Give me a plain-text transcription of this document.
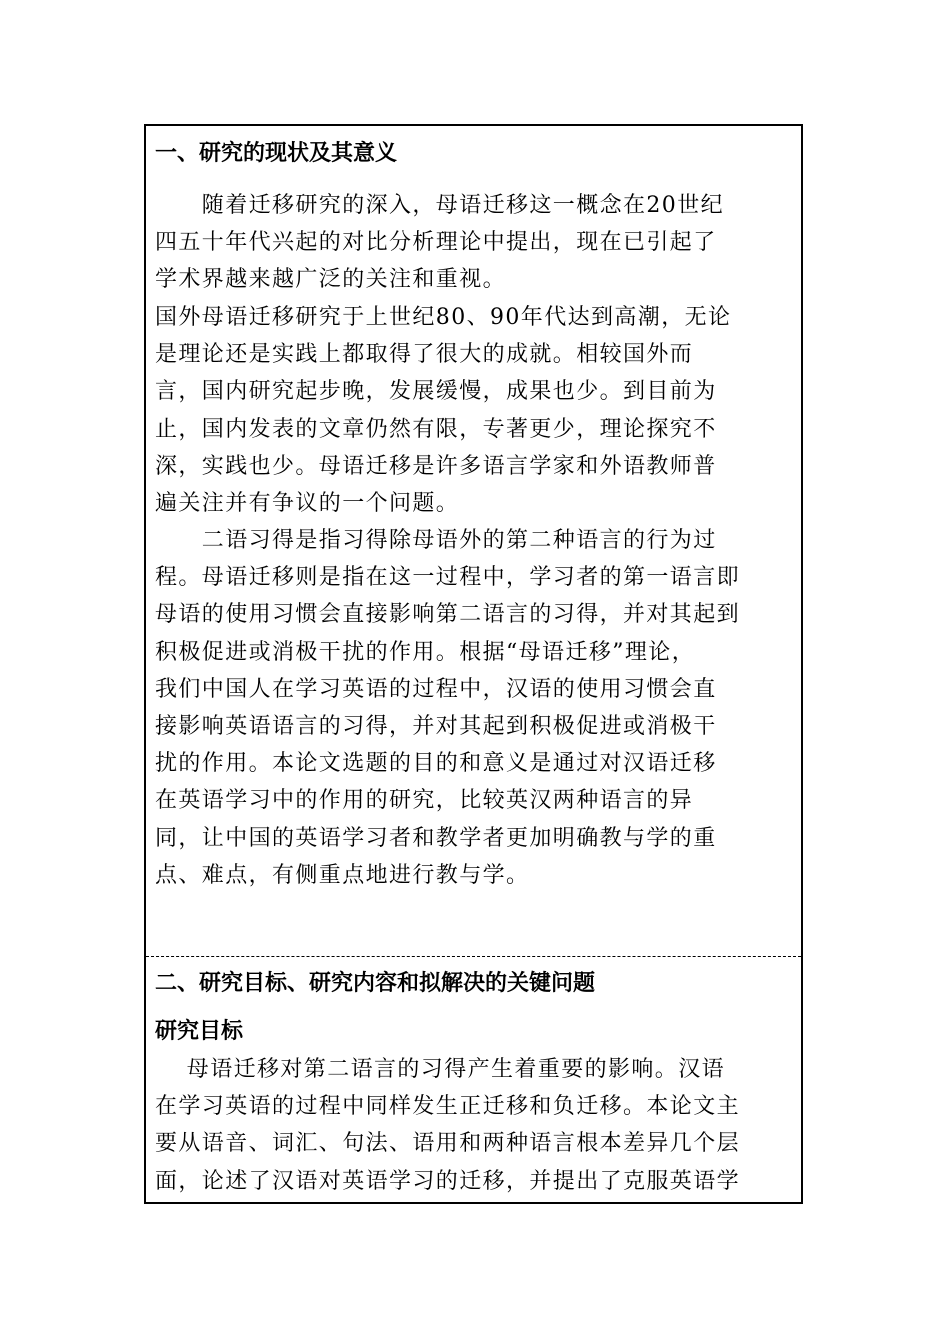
一、研究的现状及其意义
　　随着迁移研究的深入，母语迁移这一概念在20世纪
四五十年代兴起的对比分析理论中提出，现在已引起了
学术界越来越广泛的关注和重视。
国外母语迁移研究于上世纪80、90年代达到高潮，无论
是理论还是实践上都取得了很大的成就。相较国外而
言，国内研究起步晚，发展缓慢，成果也少。到目前为
止，国内发表的文章仍然有限，专著更少，理论探究不
深，实践也少。母语迁移是许多语言学家和外语教师普
遍关注并有争议的一个问题。
　　二语习得是指习得除母语外的第二种语言的行为过
程。母语迁移则是指在这一过程中，学习者的第一语言即
母语的使用习惯会直接影响第二语言的习得，并对其起到
积极促进或消极干扰的作用。根据“母语迁移”理论，
我们中国人在学习英语的过程中，汉语的使用习惯会直
接影响英语语言的习得，并对其起到积极促进或消极干
扰的作用。本论文选题的目的和意义是通过对汉语迁移
在英语学习中的作用的研究，比较英汉两种语言的异
同，让中国的英语学习者和教学者更加明确教与学的重
点、难点，有侧重点地进行教与学。
二、研究目标、研究内容和拟解决的关键问题
研究目标
　 母语迁移对第二语言的习得产生着重要的影响。汉语
在学习英语的过程中同样发生正迁移和负迁移。本论文主
要从语音、词汇、句法、语用和两种语言根本差异几个层
面，论述了汉语对英语学习的迁移，并提出了克服英语学
